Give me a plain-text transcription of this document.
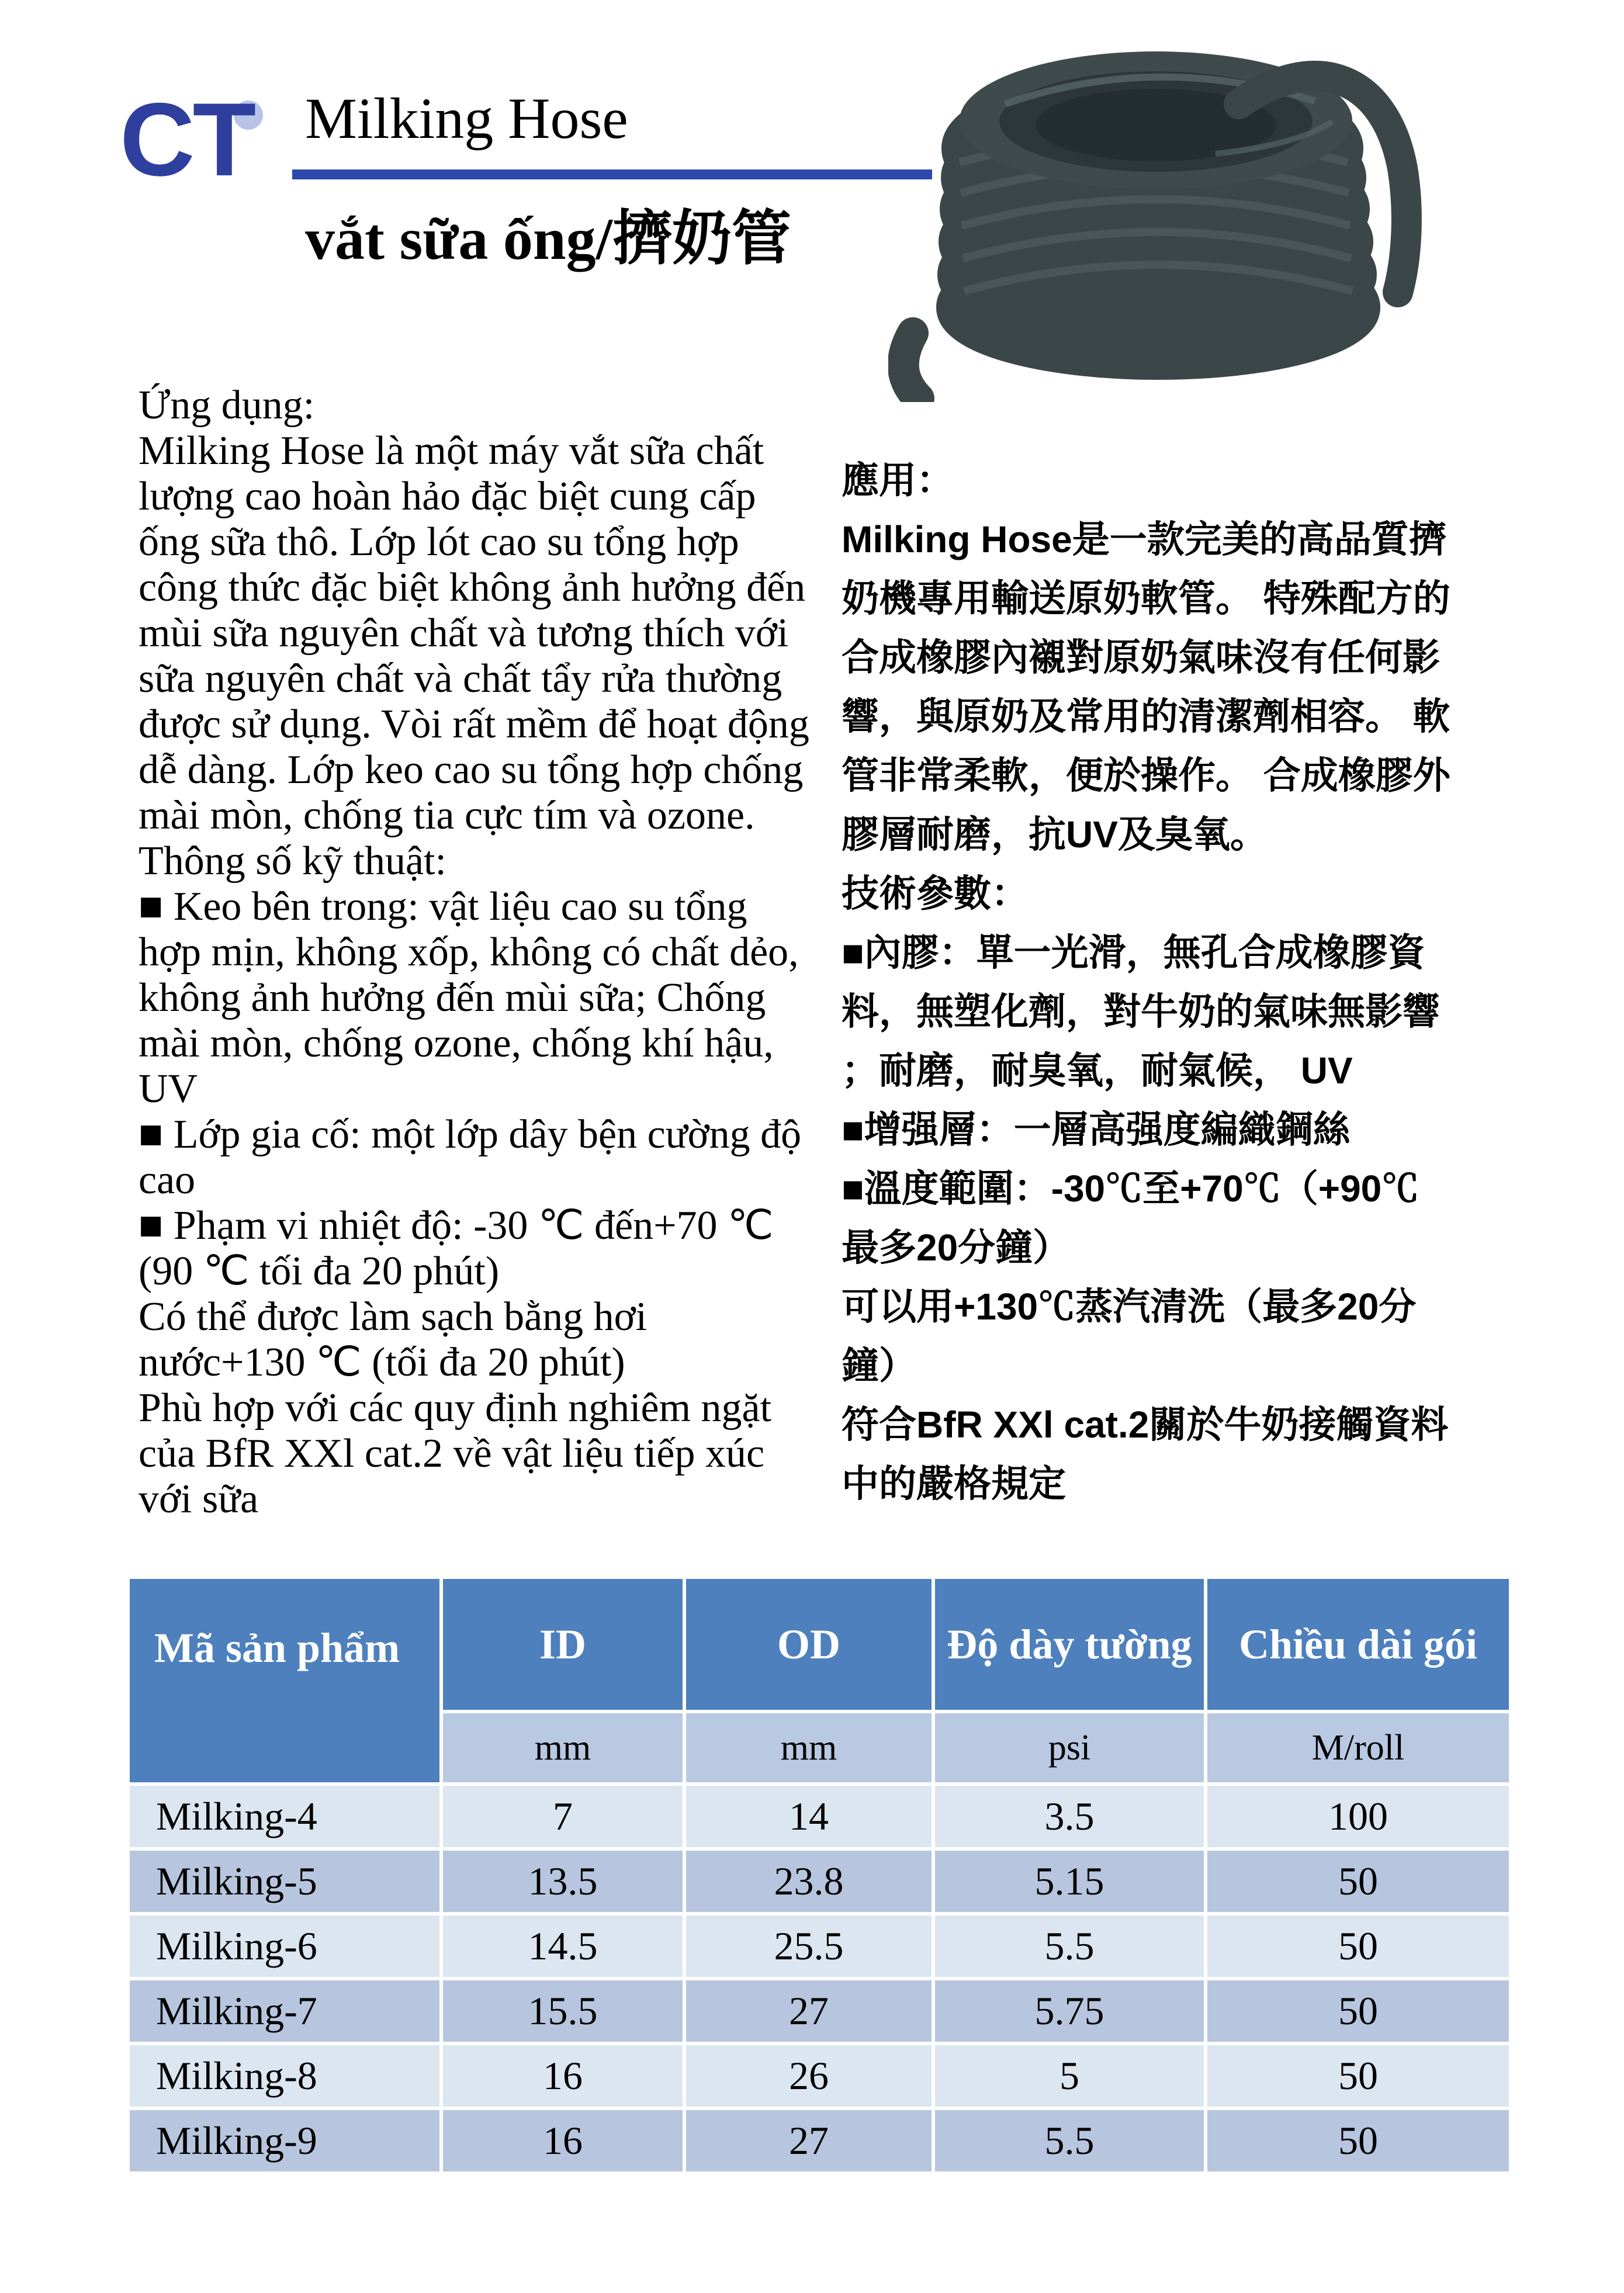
CT Milking Hose
vắt sữa ống/擠奶管
Ứng dụng:
Milking Hose là một máy vắt sữa chất
lượng cao hoàn hảo đặc biệt cung cấp
ống sữa thô. Lớp lót cao su tổng hợp
công thức đặc biệt không ảnh hưởng đến
mùi sữa nguyên chất và tương thích với
sữa nguyên chất và chất tẩy rửa thường
được sử dụng. Vòi rất mềm để hoạt động
dễ dàng. Lớp keo cao su tổng hợp chống
mài mòn, chống tia cực tím và ozone.
Thông số kỹ thuật:
■ Keo bên trong: vật liệu cao su tổng
hợp mịn, không xốp, không có chất dẻo,
không ảnh hưởng đến mùi sữa; Chống
mài mòn, chống ozone, chống khí hậu,
UV
■ Lớp gia cố: một lớp dây bện cường độ
cao
■ Phạm vi nhiệt độ: -30 ℃ đến+70 ℃
(90 ℃ tối đa 20 phút)
Có thể được làm sạch bằng hơi
nước+130 ℃ (tối đa 20 phút)
Phù hợp với các quy định nghiêm ngặt
của BfR XXl cat.2 về vật liệu tiếp xúc
với sữa
應用：
Milking Hose是一款完美的高品質擠
奶機專用輸送原奶軟管。 特殊配方的
合成橡膠內襯對原奶氣味沒有任何影
響，與原奶及常用的清潔劑相容。 軟
管非常柔軟，便於操作。 合成橡膠外
膠層耐磨，抗UV及臭氧。
技術參數：
■內膠：單一光滑，無孔合成橡膠資
料，無塑化劑，對牛奶的氣味無影響
；耐磨，耐臭氧，耐氣候， UV
■增强層：一層高强度編織鋼絲
■溫度範圍：-30℃至+70℃（+90℃
最多20分鐘）
可以用+130℃蒸汽清洗（最多20分
鐘）
符合BfR XXl cat.2關於牛奶接觸資料
中的嚴格規定
Mã sản phẩm	ID	OD	Độ dày tường	Chiều dài gói
	mm	mm	psi	M/roll
Milking-4	7	14	3.5	100
Milking-5	13.5	23.8	5.15	50
Milking-6	14.5	25.5	5.5	50
Milking-7	15.5	27	5.75	50
Milking-8	16	26	5	50
Milking-9	16	27	5.5	50
